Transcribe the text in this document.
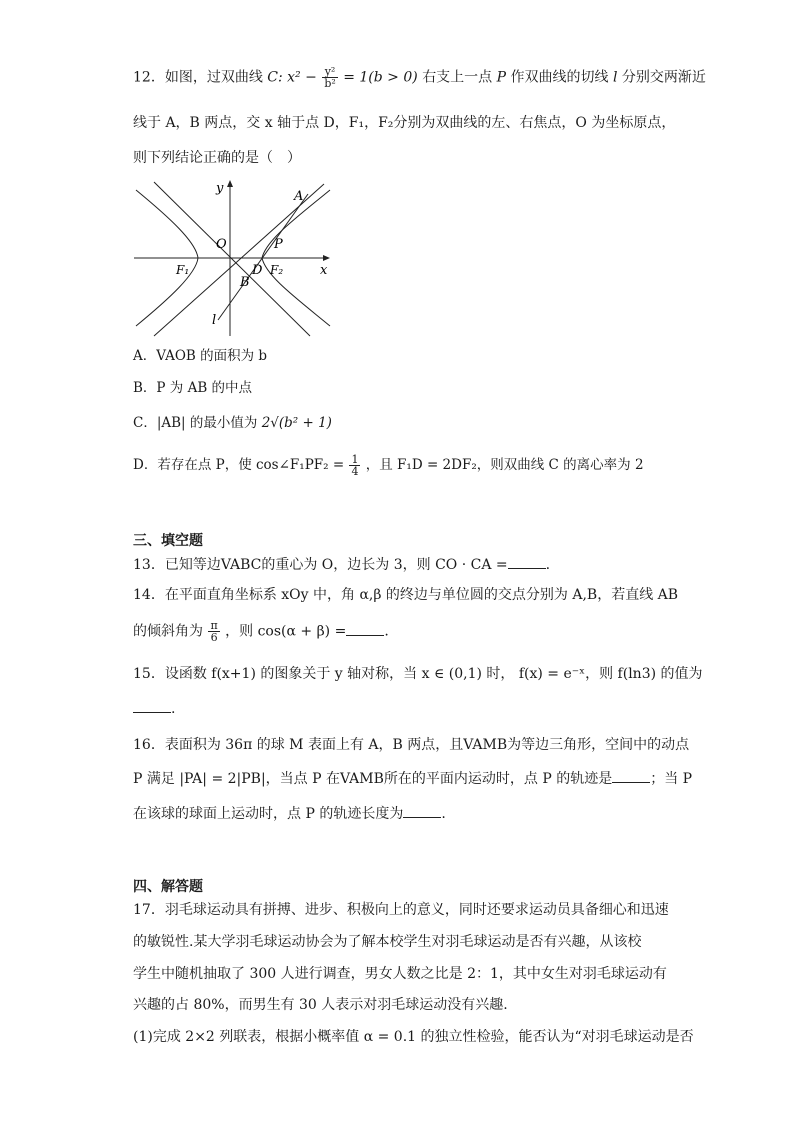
12．如图，过双曲线 C: $x^2 - \frac{\text{y²}}{\text{b²}} = 1(b > 0)$ 右支上一点 P 作双曲线的切线 l 分别交两渐近
线于 A，B 两点，交 x 轴于点 D，F₁，F₂分别为双曲线的左、右焦点，O 为坐标原点，
则下列结论正确的是（　）
y
x
A
O	P
F₁	D F₂
B
l
A．VAOB 的面积为 b
B．P 为 AB 的中点
C．|AB| 的最小值为 2√(b² + 1)
D．若存在点 P，使 cos∠F₁PF₂ = $\frac{1}{4}$ ，且 F₁D = 2DF₂，则双曲线 C 的离心率为 2
三、填空题
13．已知等边VABC的重心为 O，边长为 3，则 CO · CA =	.
14．在平面直角坐标系 xOy 中，角 α,β 的终边与单位圆的交点分别为 A,B，若直线 AB
的倾斜角为 $\frac{\pi}{6}$ ，则 cos(α + β) =	.
15．设函数 f(x+1) 的图象关于 y 轴对称，当 x ∈ (0,1) 时， f(x) = e⁻ˣ，则 f(ln3) 的值为
.
16．表面积为 36π 的球 M 表面上有 A，B 两点，且VAMB为等边三角形，空间中的动点
P 满足 |PA| = 2|PB|，当点 P 在VAMB所在的平面内运动时，点 P 的轨迹是	；当 P
在该球的球面上运动时，点 P 的轨迹长度为	.
四、解答题
17．羽毛球运动具有拼搏、进步、积极向上的意义，同时还要求运动员具备细心和迅速
的敏锐性.某大学羽毛球运动协会为了解本校学生对羽毛球运动是否有兴趣，从该校
学生中随机抽取了 300 人进行调查，男女人数之比是 2：1，其中女生对羽毛球运动有
兴趣的占 80%，而男生有 30 人表示对羽毛球运动没有兴趣.
(1)完成 2×2 列联表，根据小概率值 α = 0.1 的独立性检验，能否认为“对羽毛球运动是否
